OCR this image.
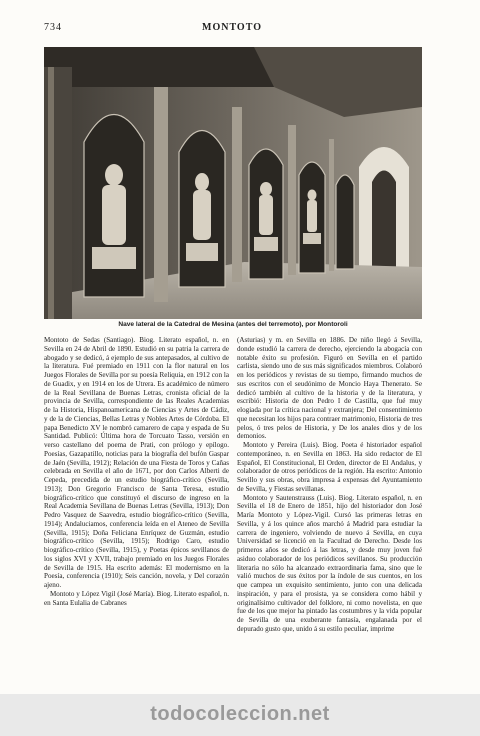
734	MONTOTO
Nave lateral de la Catedral de Mesina (antes del terremoto), por Montoroli

Montoto de Sedas (Santiago). Biog. Literato español, n. en Sevilla en 24 de Abril de 1890. Estudió en su patria la carrera de abogado y se dedicó, á ejemplo de sus antepasados, al cultivo de la literatura. Fué premiado en 1911 con la flor natural en los Juegos Florales de Sevilla por su poesía Reliquia, en 1912 con la de Guadix, y en 1914 en los de Utrera. Es académico de número de la Real Sevillana de Buenas Letras, cronista oficial de la provincia de Sevilla, correspondiente de las Reales Academias de la Historia, Hispanoamericana de Ciencias y Artes de Cádiz, y de la de Ciencias, Bellas Letras y Nobles Artes de Córdoba. El papa Benedicto XV le nombró camarero de capa y espada de Su Santidad. Publicó: Última hora de Torcuato Tasso, versión en verso castellano del poema de Prati, con prólogo y epílogo. Poesías, Gazapatillo, noticias para la biografía del bufón Gaspar de Jaén (Sevilla, 1912); Relación de una Fiesta de Toros y Cañas celebrada en Sevilla el año de 1671, por don Carlos Alberti de Cepeda, precedida de un estudio biográfico-crítico (Sevilla, 1913); Don Gregorio Francisco de Santa Teresa, estudio biográfico-crítico que constituyó el discurso de ingreso en la Real Academia Sevillana de Buenas Letras (Sevilla, 1913); Don Pedro Vasquez de Saavedra, estudio biográfico-crítico (Sevilla, 1914); Andaluciamos, conferencia leída en el Ateneo de Sevilla (Sevilla, 1915); Doña Feliciana Enríquez de Guzmán, estudio biográfico-crítico (Sevilla, 1915); Rodrigo Caro, estudio biográfico-crítico (Sevilla, 1915), y Poetas épicos sevillanos de los siglos XVI y XVII, trabajo premiado en los Juegos Florales de Sevilla de 1915. Ha escrito además: El modernismo en la Poesía, conferencia (1910); Seis canción, novela, y Del corazón ajeno.

Montoto y López Vigil (José María). Biog. Literato español, n. en Santa Eulalia de Cabranes

(Asturias) y m. en Sevilla en 1886. De niño llegó á Sevilla, donde estudió la carrera de derecho, ejerciendo la abogacía con notable éxito su profesión. Figuró en Sevilla en el partido carlista, siendo uno de sus más significados miembros. Colaboró en los periódicos y revistas de su tiempo, firmando muchos de sus escritos con el seudónimo de Moncio Haya Thenerato. Se dedicó también al cultivo de la historia y de la literatura, y escribió: Historia de don Pedro I de Castilla, que fué muy elogiada por la crítica nacional y extranjera; Del consentimiento que necesitan los hijos para contraer matrimonio, Historia de tres pelos, ó tres pelos de Historia, y De los anales dios y de los demonios.

Montoto y Pereira (Luis). Biog. Poeta é historiador español contemporáneo, n. en Sevilla en 1863. Ha sido redactor de El Español, El Constitucional, El Orden, director de El Andalus, y colaborador de otros periódicos de la región. Ha escrito: Antonio Sevillo y sus obras, obra impresa á expensas del Ayuntamiento de Sevilla, y Fiestas sevillanas.

Montoto y Sautenstrauss (Luis). Biog. Literato español, n. en Sevilla el 18 de Enero de 1851, hijo del historiador don José María Montoto y López-Vigil. Cursó las primeras letras en Sevilla, y á los quince años marchó á Madrid para estudiar la carrera de ingeniero, volviendo de nuevo á Sevilla, en cuya Universidad se licenció en la Facultad de Derecho. Desde los primeros años se dedicó á las letras, y desde muy joven fué asiduo colaborador de los periódicos sevillanos. Su producción literaria no sólo ha alcanzado extraordinaria fama, sino que le valió muchos de sus éxitos por la índole de sus cuentos, en los que campea un exquisito sentimiento, junto con una delicada inspiración, y para el prosista, ya se considera como hábil y originalísimo cultivador del folklore, ni como novelista, en que fue de los que mejor ha pintado las costumbres y la vida popular de Sevilla de una exuberante fantasía, engalanada por el depurado gusto que, unido á su estilo peculiar, imprime

todocoleccion.net
